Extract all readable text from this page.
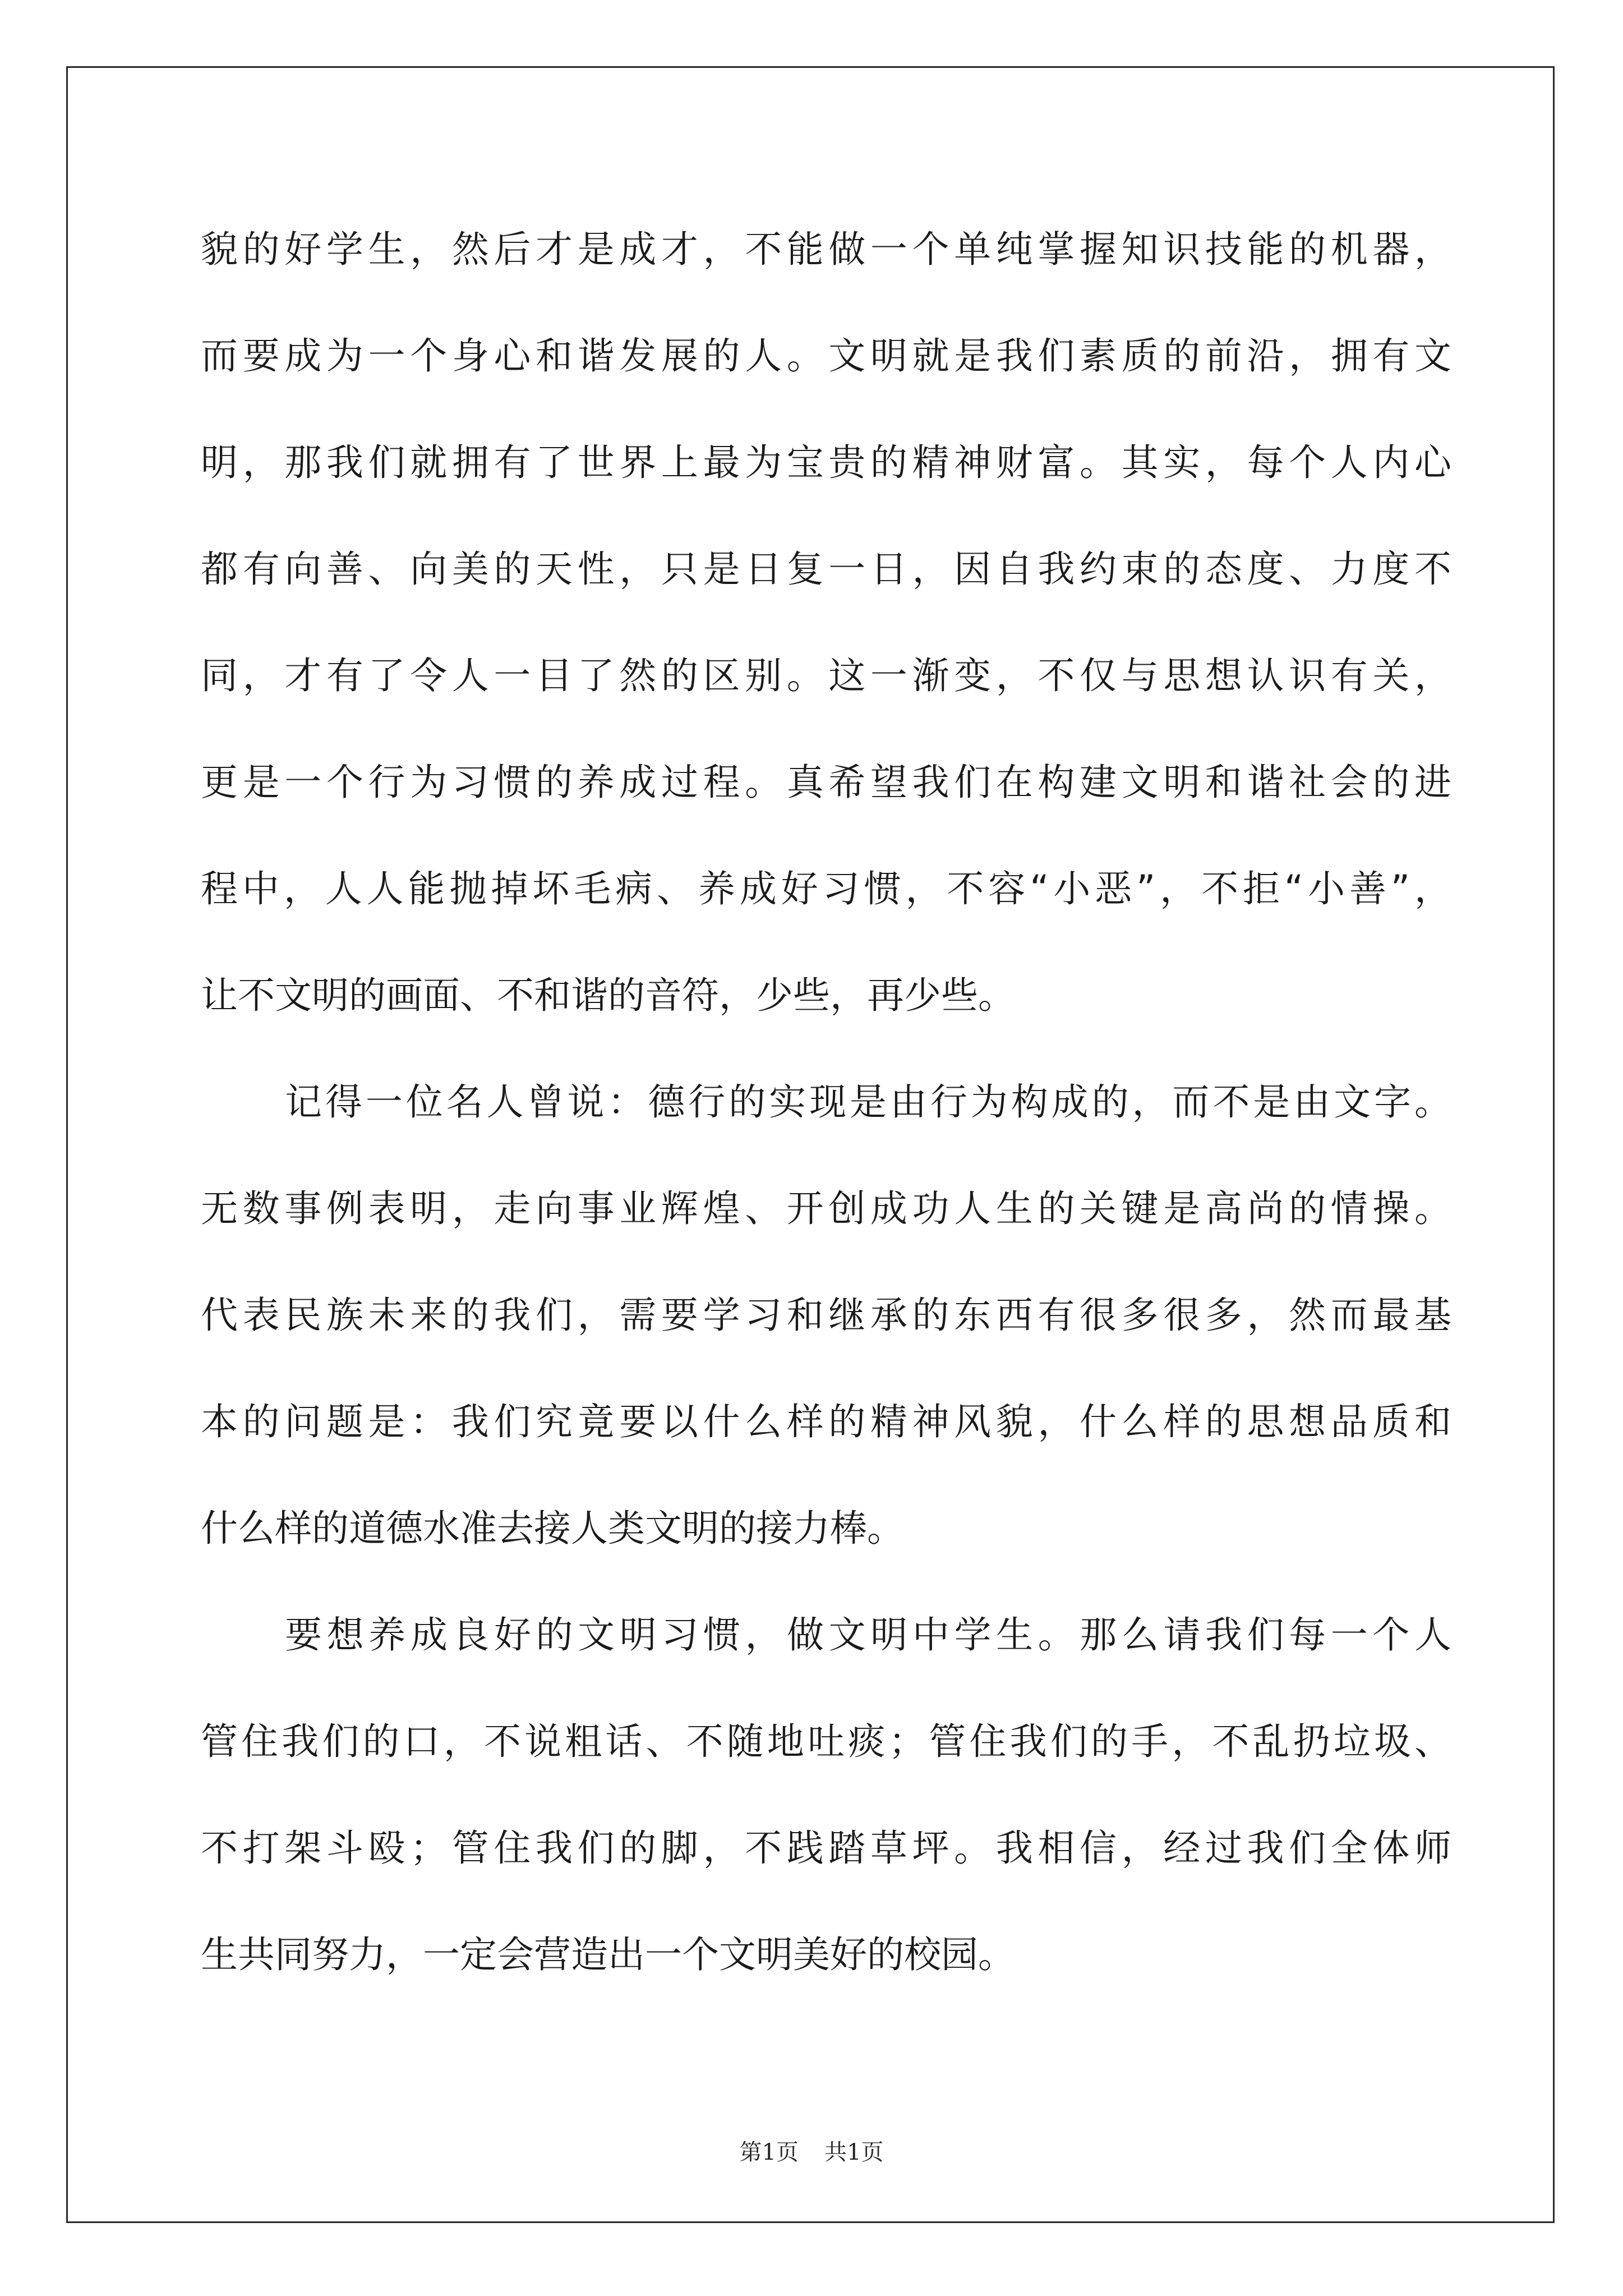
貌的好学生，然后才是成才，不能做一个单纯掌握知识技能的机器，
而要成为一个身心和谐发展的人。文明就是我们素质的前沿，拥有文
明，那我们就拥有了世界上最为宝贵的精神财富。其实，每个人内心
都有向善、向美的天性，只是日复一日，因自我约束的态度、力度不
同，才有了令人一目了然的区别。这一渐变，不仅与思想认识有关，
更是一个行为习惯的养成过程。真希望我们在构建文明和谐社会的进
程中，人人能抛掉坏毛病、养成好习惯，不容“小恶”，不拒“小善”，
让不文明的画面、不和谐的音符，少些，再少些。
记得一位名人曾说：德行的实现是由行为构成的，而不是由文字。
无数事例表明，走向事业辉煌、开创成功人生的关键是高尚的情操。
代表民族未来的我们，需要学习和继承的东西有很多很多，然而最基
本的问题是：我们究竟要以什么样的精神风貌，什么样的思想品质和
什么样的道德水准去接人类文明的接力棒。
要想养成良好的文明习惯，做文明中学生。那么请我们每一个人
管住我们的口，不说粗话、不随地吐痰；管住我们的手，不乱扔垃圾、
不打架斗殴；管住我们的脚，不践踏草坪。我相信，经过我们全体师
生共同努力，一定会营造出一个文明美好的校园。
第1页 共1页
